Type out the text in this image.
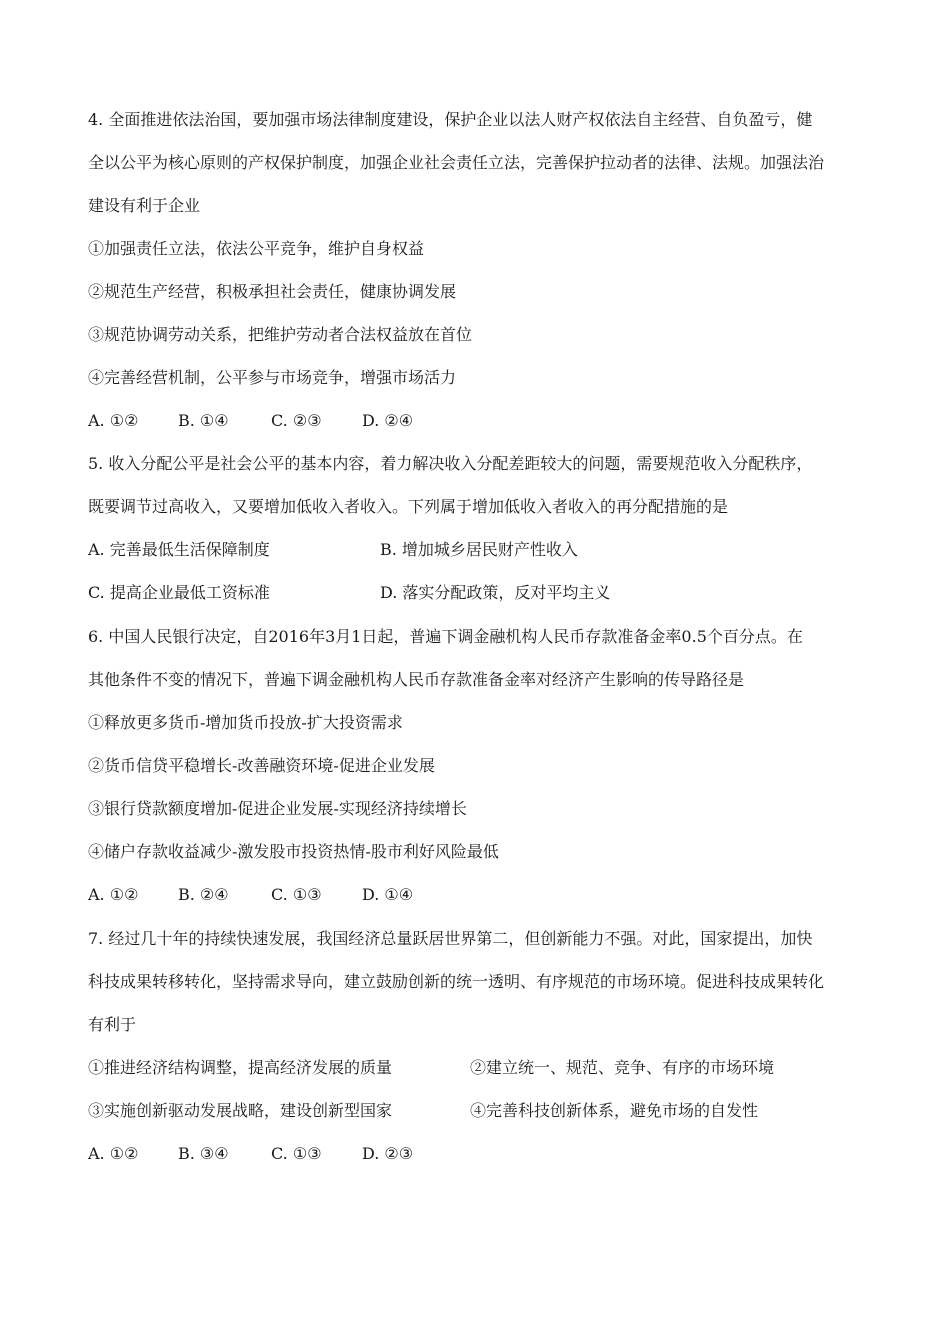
4. 全面推进依法治国，要加强市场法律制度建设，保护企业以法人财产权依法自主经营、自负盈亏，健
全以公平为核心原则的产权保护制度，加强企业社会责任立法，完善保护拉动者的法律、法规。加强法治
建设有利于企业
①加强责任立法，依法公平竞争，维护自身权益
②规范生产经营，积极承担社会责任，健康协调发展
③规范协调劳动关系，把维护劳动者合法权益放在首位
④完善经营机制，公平参与市场竞争，增强市场活力
A. ①② B. ①④	C. ②③	D. ②④
5. 收入分配公平是社会公平的基本内容，着力解决收入分配差距较大的问题，需要规范收入分配秩序，
既要调节过高收入，又要增加低收入者收入。下列属于增加低收入者收入的再分配措施的是
A. 完善最低生活保障制度	B. 增加城乡居民财产性收入
C. 提高企业最低工资标准	D. 落实分配政策，反对平均主义
6. 中国人民银行决定，自2016年3月1日起，普遍下调金融机构人民币存款准备金率0.5个百分点。在
其他条件不变的情况下，普遍下调金融机构人民币存款准备金率对经济产生影响的传导路径是
①释放更多货币-增加货币投放-扩大投资需求
②货币信贷平稳增长-改善融资环境-促进企业发展
③银行贷款额度增加-促进企业发展-实现经济持续增长
④储户存款收益减少-激发股市投资热情-股市利好风险最低
A. ①② B. ②④	C. ①③	D. ①④
7. 经过几十年的持续快速发展，我国经济总量跃居世界第二，但创新能力不强。对此，国家提出，加快
科技成果转移转化，坚持需求导向，建立鼓励创新的统一透明、有序规范的市场环境。促进科技成果转化
有利于
①推进经济结构调整，提高经济发展的质量	②建立统一、规范、竞争、有序的市场环境
③实施创新驱动发展战略，建设创新型国家	④完善科技创新体系，避免市场的自发性
A. ①② B. ③④	C. ①③	D. ②③
